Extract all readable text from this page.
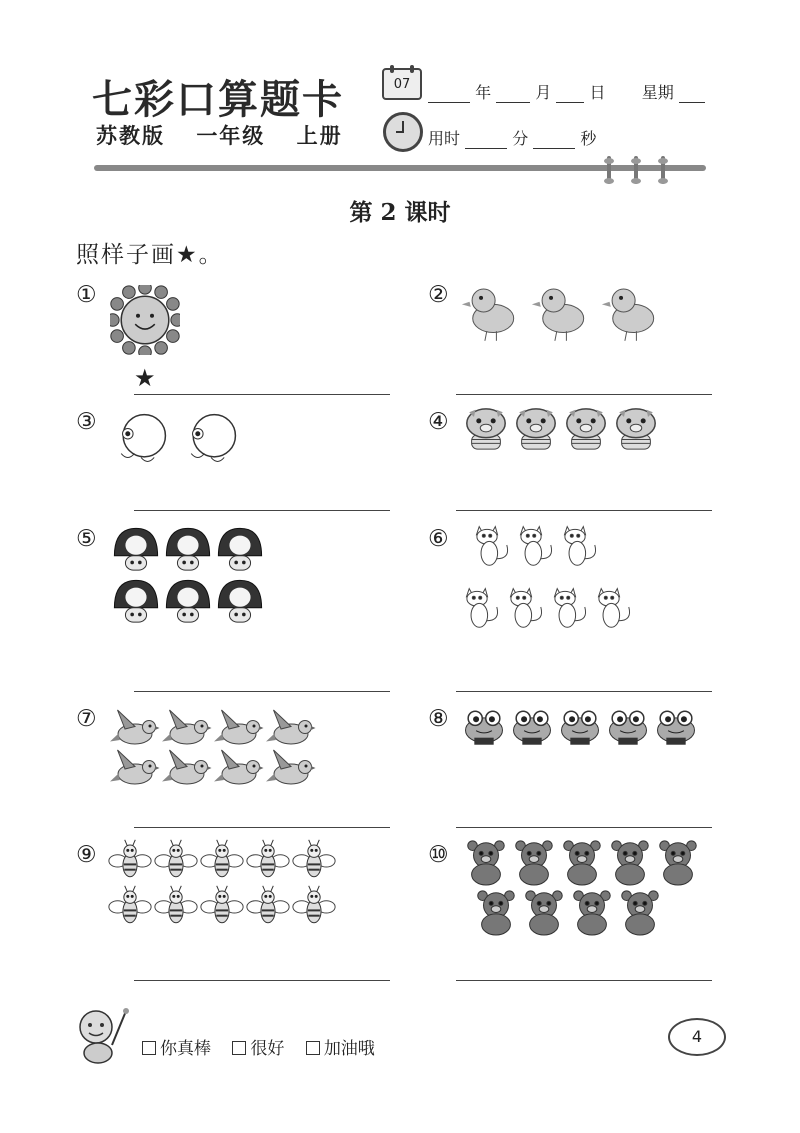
七彩口算题卡
苏教版 一年级 上册
07	年	月 日 星期
用时	分	秒
第 2 课时
照样子画★。
①	②
③	④
⑤	⑥
⑦	⑧
⑨	⑩
★
你真棒 很好 加油哦
4
